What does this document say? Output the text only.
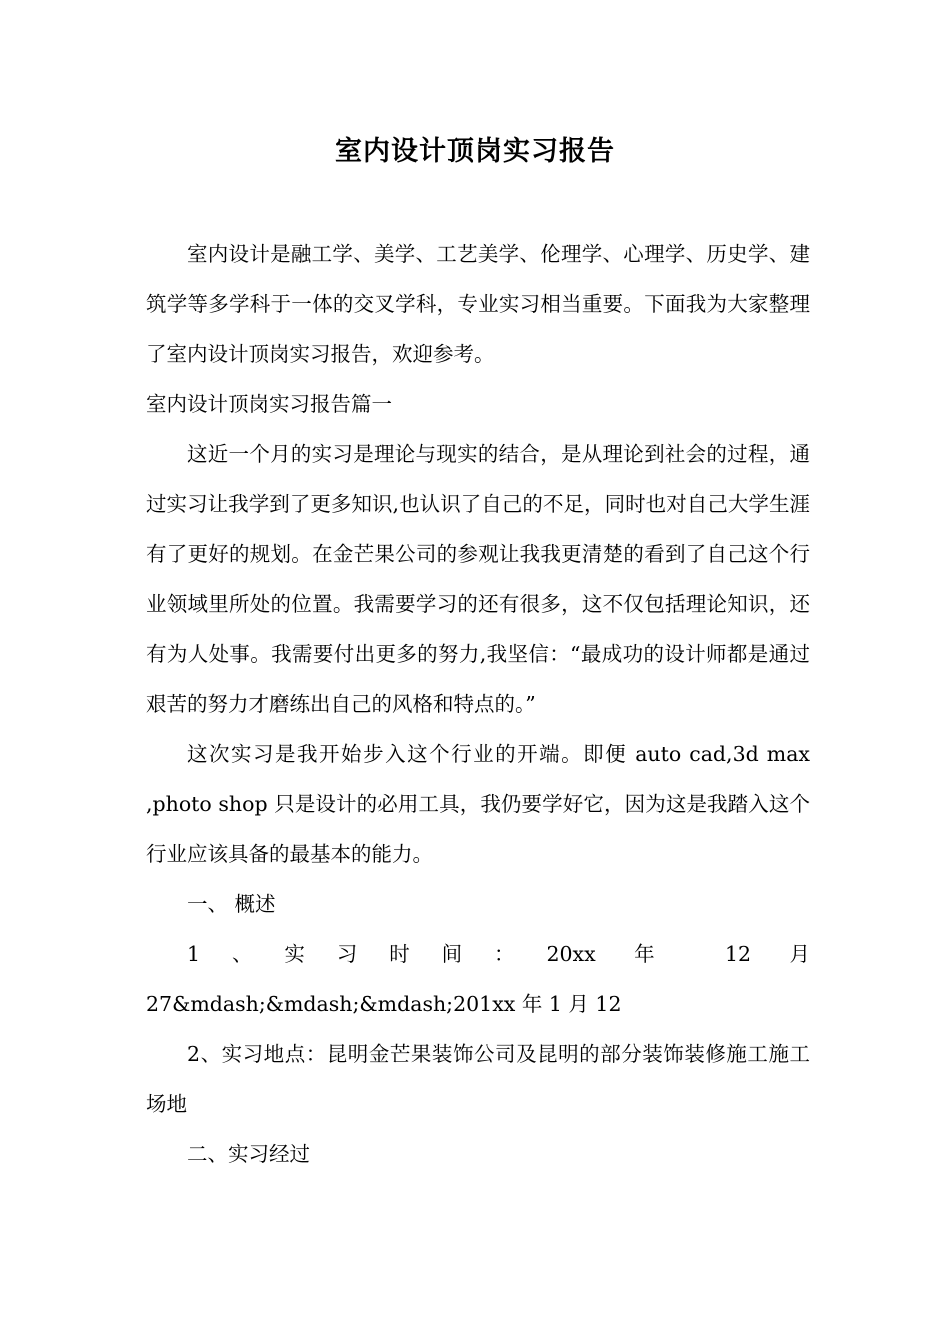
室内设计顶岗实习报告

室内设计是融工学、美学、工艺美学、伦理学、心理学、历史学、建筑学等多学科于一体的交叉学科，专业实习相当重要。下面我为大家整理了室内设计顶岗实习报告，欢迎参考。

室内设计顶岗实习报告篇一

这近一个月的实习是理论与现实的结合，是从理论到社会的过程，通过实习让我学到了更多知识,也认识了自己的不足，同时也对自己大学生涯有了更好的规划。在金芒果公司的参观让我我更清楚的看到了自己这个行业领域里所处的位置。我需要学习的还有很多，这不仅包括理论知识，还有为人处事。我需要付出更多的努力,我坚信：“最成功的设计师都是通过艰苦的努力才磨练出自己的风格和特点的。”

这次实习是我开始步入这个行业的开端。即便 auto cad,3d max ,photo shop 只是设计的必用工具，我仍要学好它，因为这是我踏入这个行业应该具备的最基本的能力。

一、 概述

1、实习时间：20xx 年 12 月 27&mdash;&mdash;&mdash;201xx 年 1 月 12

2、实习地点：昆明金芒果装饰公司及昆明的部分装饰装修施工施工场地

二、实习经过
